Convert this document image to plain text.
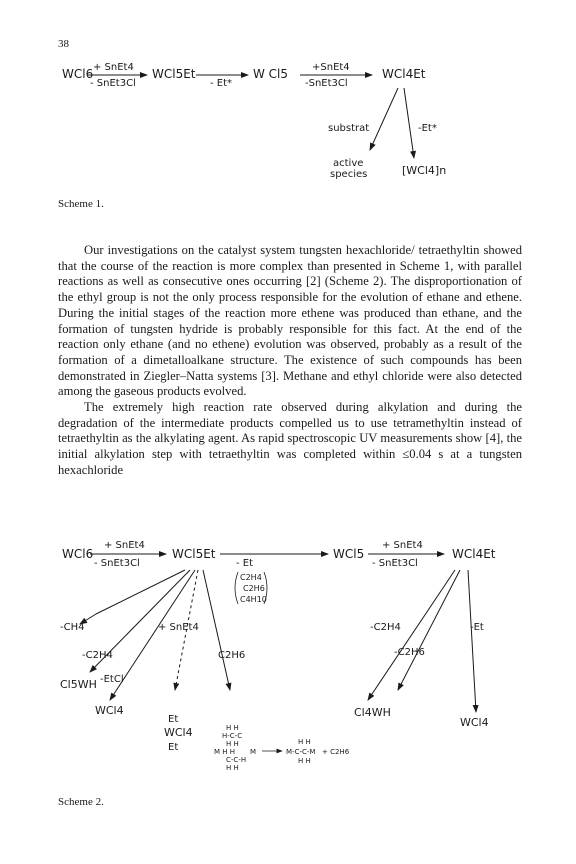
38
WCl6 + SnEt4
- SnEt3Cl
WCl5Et
- Et*
W Cl5 +SnEt4
-SnEt3Cl
WCl4Et
substrat	-Et*
active
species	[WCl4]n
Scheme 1.

Our investigations on the catalyst system tungsten hexachloride/ tetraethyltin showed that the course of the reaction is more complex than presented in Scheme 1, with parallel reactions as well as consecutive ones occurring [2] (Scheme 2). The disproportionation of the ethyl group is not the only process responsible for the evolution of ethane and ethene. During the initial stages of the reaction more ethene was produced than ethane, and the formation of tungsten hydride is probably responsible for this fact. At the end of the reaction only ethane (and no ethene) evolution was observed, probably as a result of the formation of a dimetalloalkane structure. The existence of such compounds has been demonstrated in Ziegler–Natta systems [3]. Methane and ethyl chloride were also detected among the gaseous products evolved.

The extremely high reaction rate observed during alkylation and during the degradation of the intermediate products compelled us to use tetramethyltin instead of tetraethyltin as the alkylating agent. As rapid spectroscopic UV measurements show [4], the initial alkylation step with tetraethyltin was completed within ≤0.04 s at a tungsten hexachloride

WCl6
+ SnEt4
- SnEt3Cl
WCl5Et
- Et
C2H4
C2H6
C4H10
WCl5
+ SnEt4
- SnEt3Cl
WCl4Et
-CH4
-C2H4
-EtCl
+ SnEt4
C2H6
Cl5WH
WCl4
Et
WCl4
Et
H H
H-C-C
H H
M H H M
C-C-H
H H
H H
M-C-C-M
H H
+ C2H6
-C2H4	-Et
-C2H6
Cl4WH
WCl4
Scheme 2.
